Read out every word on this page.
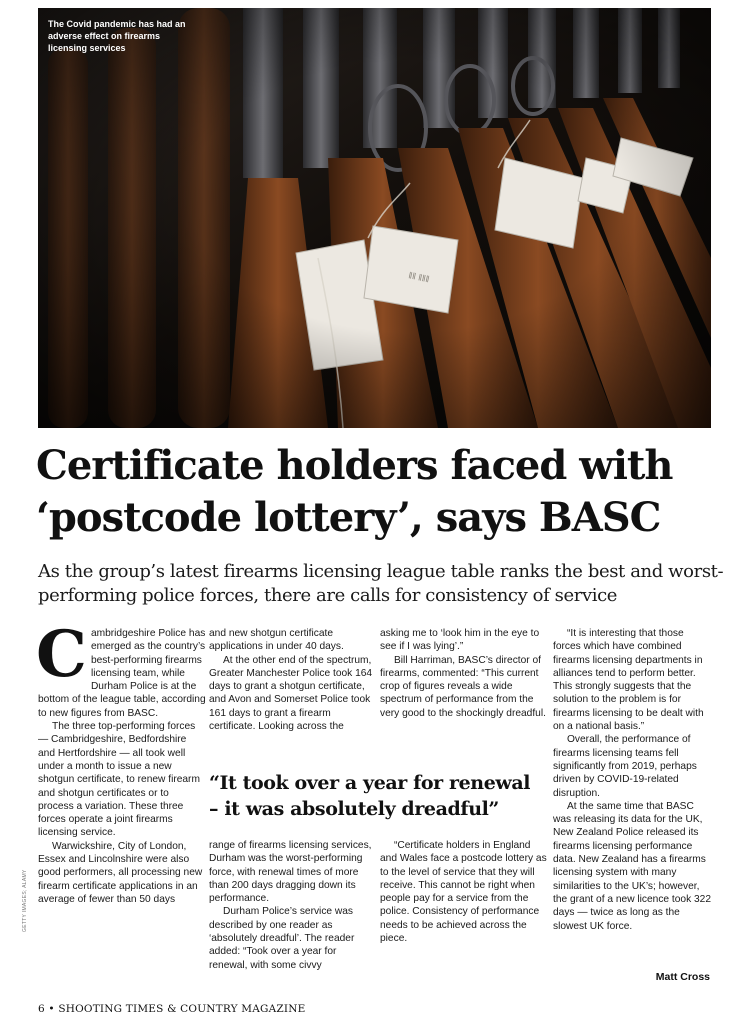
The Covid pandemic has had an adverse effect on firearms licensing services
GETTY IMAGES; ALAMY
Certificate holders faced with
‘postcode lottery’, says BASC

As the group’s latest firearms licensing league table ranks the best and worst-performing police forces, there are calls for consistency of service

Cambridgeshire Police has emerged as the country’s best-performing firearms licensing team, while Durham Police is at the bottom of the league table, according to new figures from BASC.

The three top-performing forces — Cambridgeshire, Bedfordshire and Hertfordshire — all took well under a month to issue a new shotgun certificate, to renew firearm and shotgun certificates or to process a variation. These three forces operate a joint firearms licensing service.

Warwickshire, City of London, Essex and Lincolnshire were also good performers, all processing new firearm certificate applications in an average of fewer than 50 days

and new shotgun certificate applications in under 40 days.

At the other end of the spectrum, Greater Manchester Police took 164 days to grant a shotgun certificate, and Avon and Somerset Police took 161 days to grant a firearm certificate. Looking across the

range of firearms licensing services, Durham was the worst-performing force, with renewal times of more than 200 days dragging down its performance.

Durham Police’s service was described by one reader as ‘absolutely dreadful’. The reader added: “Took over a year for renewal, with some civvy

asking me to ‘look him in the eye to see if I was lying’.”

Bill Harriman, BASC’s director of firearms, commented: “This current crop of figures reveals a wide spectrum of performance from the very good to the shockingly dreadful.

“Certificate holders in England and Wales face a postcode lottery as to the level of service that they will receive. This cannot be right when people pay for a service from the police. Consistency of performance needs to be achieved across the piece.

“It took over a year for renewal
– it was absolutely dreadful”

“It is interesting that those forces which have combined firearms licensing departments in alliances tend to perform better. This strongly suggests that the solution to the problem is for firearms licensing to be dealt with on a national basis.”

Overall, the performance of firearms licensing teams fell significantly from 2019, perhaps driven by COVID-19-related disruption.

At the same time that BASC was releasing its data for the UK, New Zealand Police released its firearms licensing performance data. New Zealand has a firearms licensing system with many similarities to the UK’s; however, the grant of a new licence took 322 days — twice as long as the slowest UK force.

Matt Cross
6 • SHOOTING TIMES & COUNTRY MAGAZINE
